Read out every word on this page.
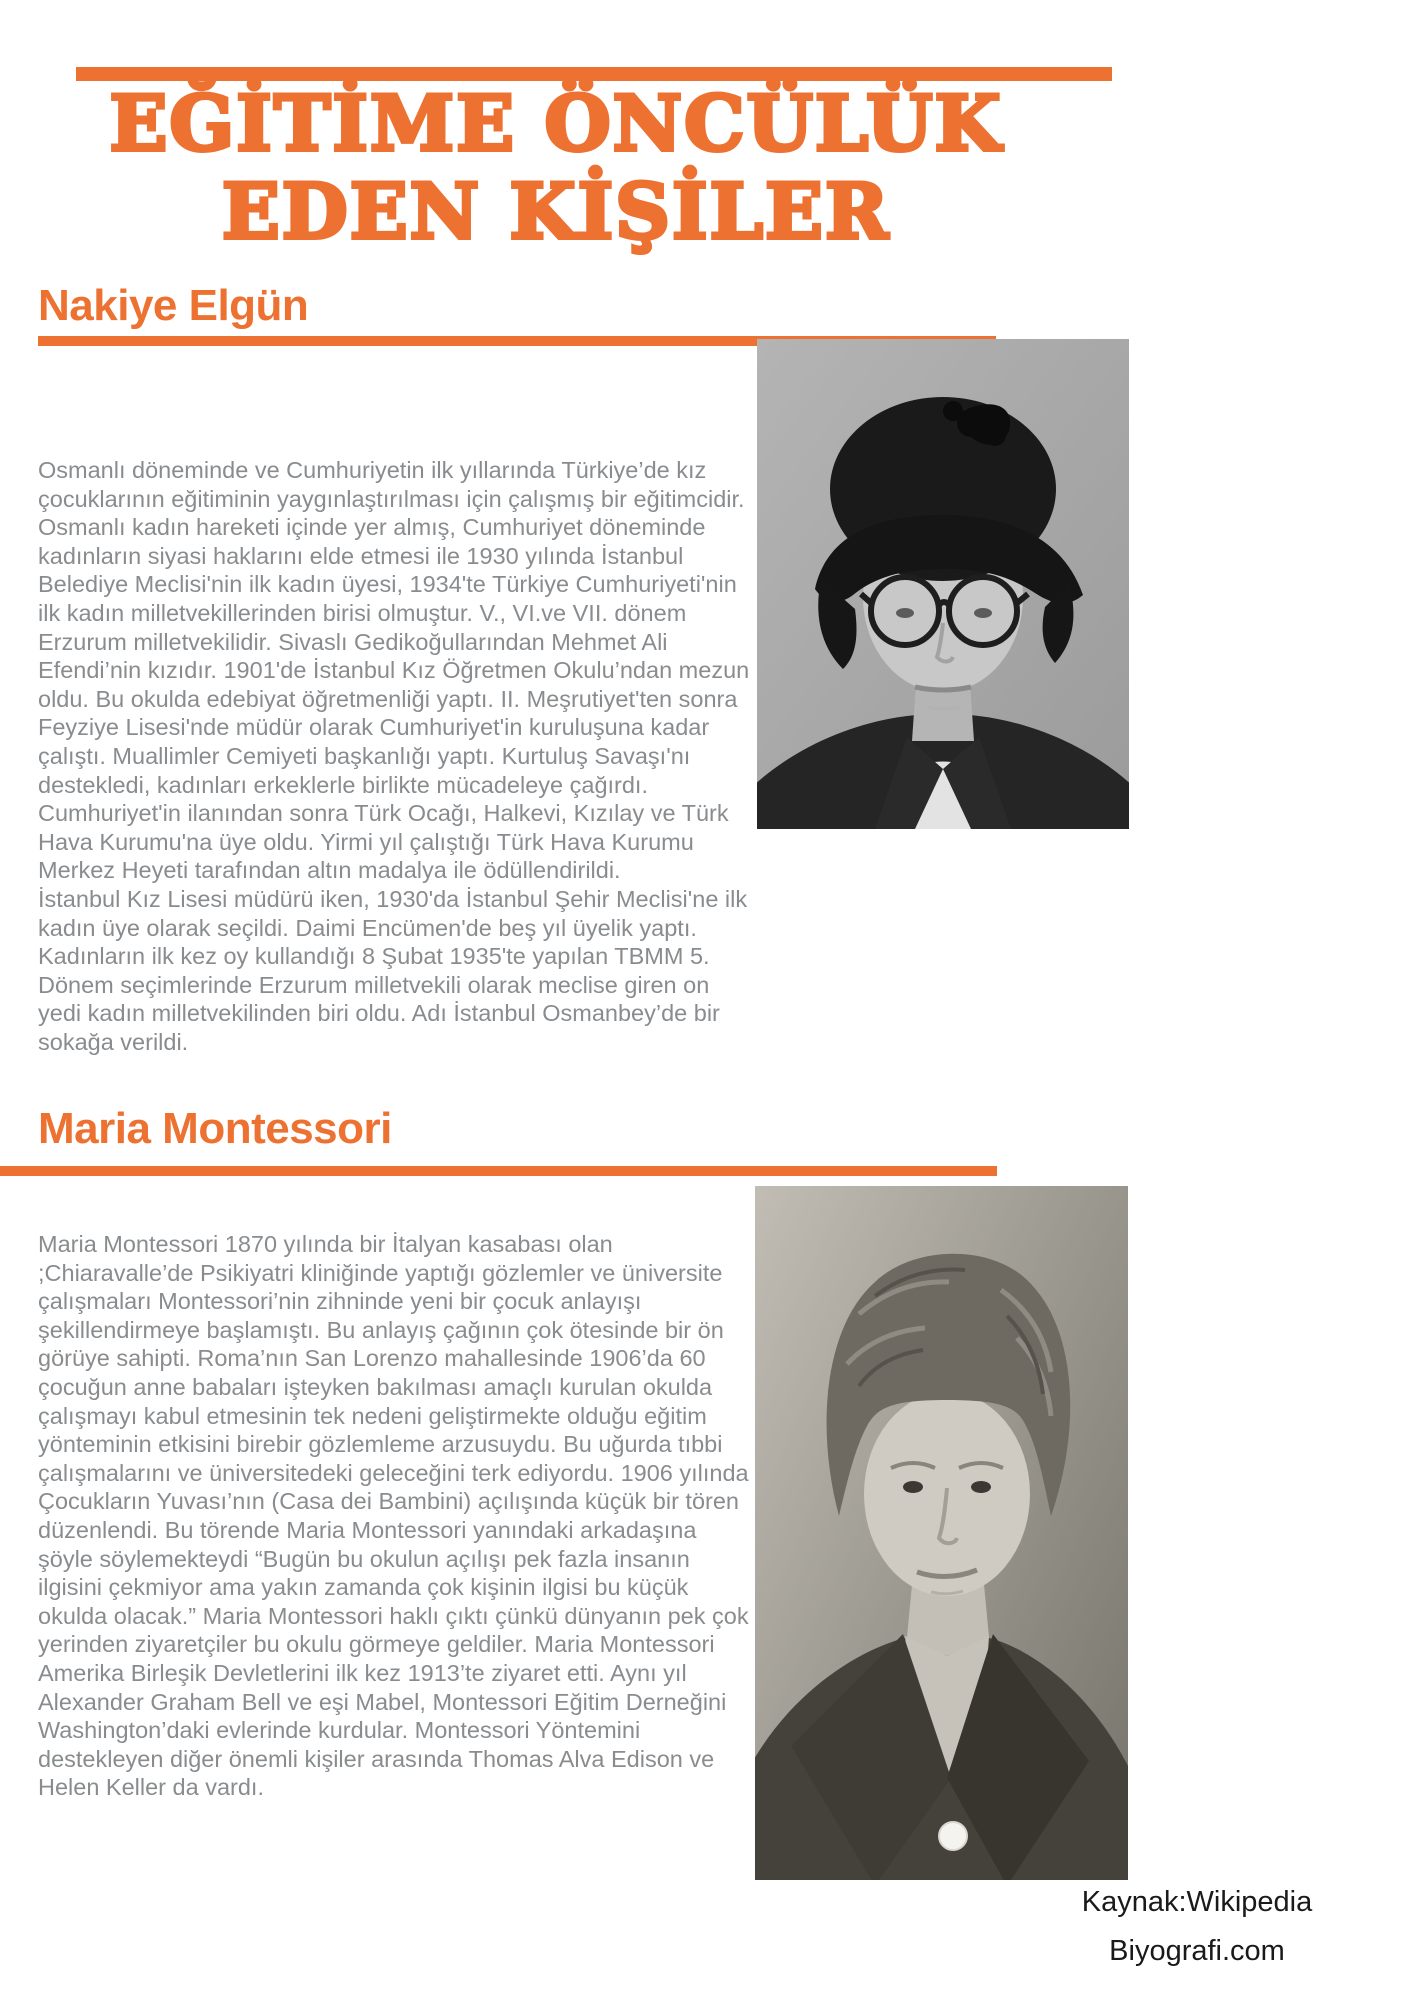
EĞİTİME ÖNCÜLÜK
EDEN KİŞİLER
Nakiye Elgün

Osmanlı döneminde ve Cumhuriyetin ilk yıllarında Türkiye’de kız çocuklarının eğitiminin yaygınlaştırılması için çalışmış bir eğitimcidir. Osmanlı kadın hareketi içinde yer almış, Cumhuriyet döneminde kadınların siyasi haklarını elde etmesi ile 1930 yılında İstanbul Belediye Meclisi'nin ilk kadın üyesi, 1934'te Türkiye Cumhuriyeti'nin ilk kadın milletvekillerinden birisi olmuştur. V., VI.ve VII. dönem Erzurum milletvekilidir. Sivaslı Gedikoğullarından Mehmet Ali Efendi’nin kızıdır. 1901'de İstanbul Kız Öğretmen Okulu’ndan mezun oldu. Bu okulda edebiyat öğretmenliği yaptı. II. Meşrutiyet'ten sonra Feyziye Lisesi'nde müdür olarak Cumhuriyet'in kuruluşuna kadar çalıştı. Muallimler Cemiyeti başkanlığı yaptı. Kurtuluş Savaşı'nı destekledi, kadınları erkeklerle birlikte mücadeleye çağırdı. Cumhuriyet'in ilanından sonra Türk Ocağı, Halkevi, Kızılay ve Türk Hava Kurumu'na üye oldu. Yirmi yıl çalıştığı Türk Hava Kurumu Merkez Heyeti tarafından altın madalya ile ödüllendirildi.

İstanbul Kız Lisesi müdürü iken, 1930'da İstanbul Şehir Meclisi'ne ilk kadın üye olarak seçildi. Daimi Encümen'de beş yıl üyelik yaptı. Kadınların ilk kez oy kullandığı 8 Şubat 1935'te yapılan TBMM 5. Dönem seçimlerinde Erzurum milletvekili olarak meclise giren on yedi kadın milletvekilinden biri oldu. Adı İstanbul Osmanbey’de bir sokağa verildi.

Maria Montessori

Maria Montessori 1870 yılında bir İtalyan kasabası olan ;Chiaravalle’de Psikiyatri kliniğinde yaptığı gözlemler ve üniversite çalışmaları Montessori’nin zihninde yeni bir çocuk anlayışı şekillendirmeye başlamıştı. Bu anlayış çağının çok ötesinde bir ön görüye sahipti. Roma’nın San Lorenzo mahallesinde 1906’da 60 çocuğun anne babaları işteyken bakılması amaçlı kurulan okulda çalışmayı kabul etmesinin tek nedeni geliştirmekte olduğu eğitim yönteminin etkisini birebir gözlemleme arzusuydu. Bu uğurda tıbbi çalışmalarını ve üniversitedeki geleceğini terk ediyordu. 1906 yılında Çocukların Yuvası’nın (Casa dei Bambini) açılışında küçük bir tören düzenlendi. Bu törende Maria Montessori yanındaki arkadaşına şöyle söylemekteydi “Bugün bu okulun açılışı pek fazla insanın ilgisini çekmiyor ama yakın zamanda çok kişinin ilgisi bu küçük okulda olacak.” Maria Montessori haklı çıktı çünkü dünyanın pek çok yerinden ziyaretçiler bu okulu görmeye geldiler. Maria Montessori Amerika Birleşik Devletlerini ilk kez 1913’te ziyaret etti. Aynı yıl Alexander Graham Bell ve eşi Mabel, Montessori Eğitim Derneğini Washington’daki evlerinde kurdular. Montessori Yöntemini destekleyen diğer önemli kişiler arasında Thomas Alva Edison ve Helen Keller da vardı.

Kaynak:Wikipedia
Biyografi.com
